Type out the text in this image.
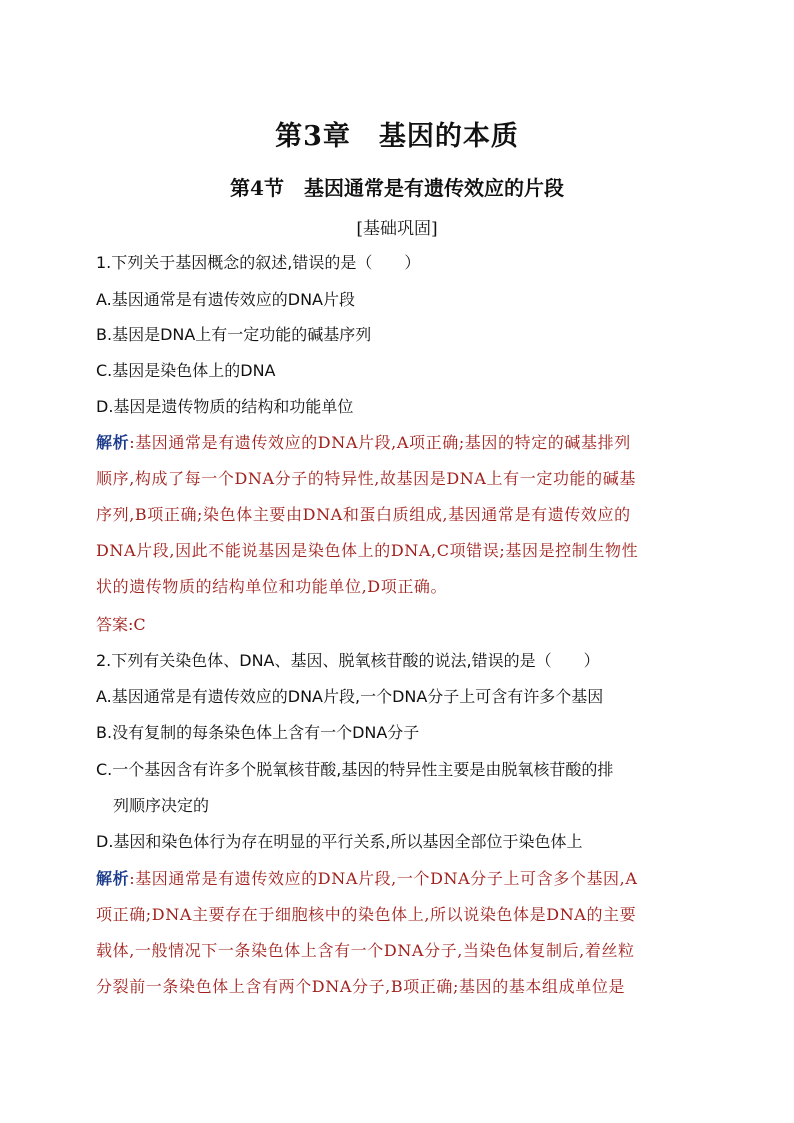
第3章　基因的本质
第4节　基因通常是有遗传效应的片段
[基础巩固]
1.下列关于基因概念的叙述,错误的是（　　）
A.基因通常是有遗传效应的DNA片段
B.基因是DNA上有一定功能的碱基序列
C.基因是染色体上的DNA
D.基因是遗传物质的结构和功能单位
解析:基因通常是有遗传效应的DNA片段,A项正确;基因的特定的碱基排列
顺序,构成了每一个DNA分子的特异性,故基因是DNA上有一定功能的碱基
序列,B项正确;染色体主要由DNA和蛋白质组成,基因通常是有遗传效应的
DNA片段,因此不能说基因是染色体上的DNA,C项错误;基因是控制生物性
状的遗传物质的结构单位和功能单位,D项正确。
答案:C
2.下列有关染色体、DNA、基因、脱氧核苷酸的说法,错误的是（　　）
A.基因通常是有遗传效应的DNA片段,一个DNA分子上可含有许多个基因
B.没有复制的每条染色体上含有一个DNA分子
C.一个基因含有许多个脱氧核苷酸,基因的特异性主要是由脱氧核苷酸的排
列顺序决定的
D.基因和染色体行为存在明显的平行关系,所以基因全部位于染色体上
解析:基因通常是有遗传效应的DNA片段,一个DNA分子上可含多个基因,A
项正确;DNA主要存在于细胞核中的染色体上,所以说染色体是DNA的主要
载体,一般情况下一条染色体上含有一个DNA分子,当染色体复制后,着丝粒
分裂前一条染色体上含有两个DNA分子,B项正确;基因的基本组成单位是
